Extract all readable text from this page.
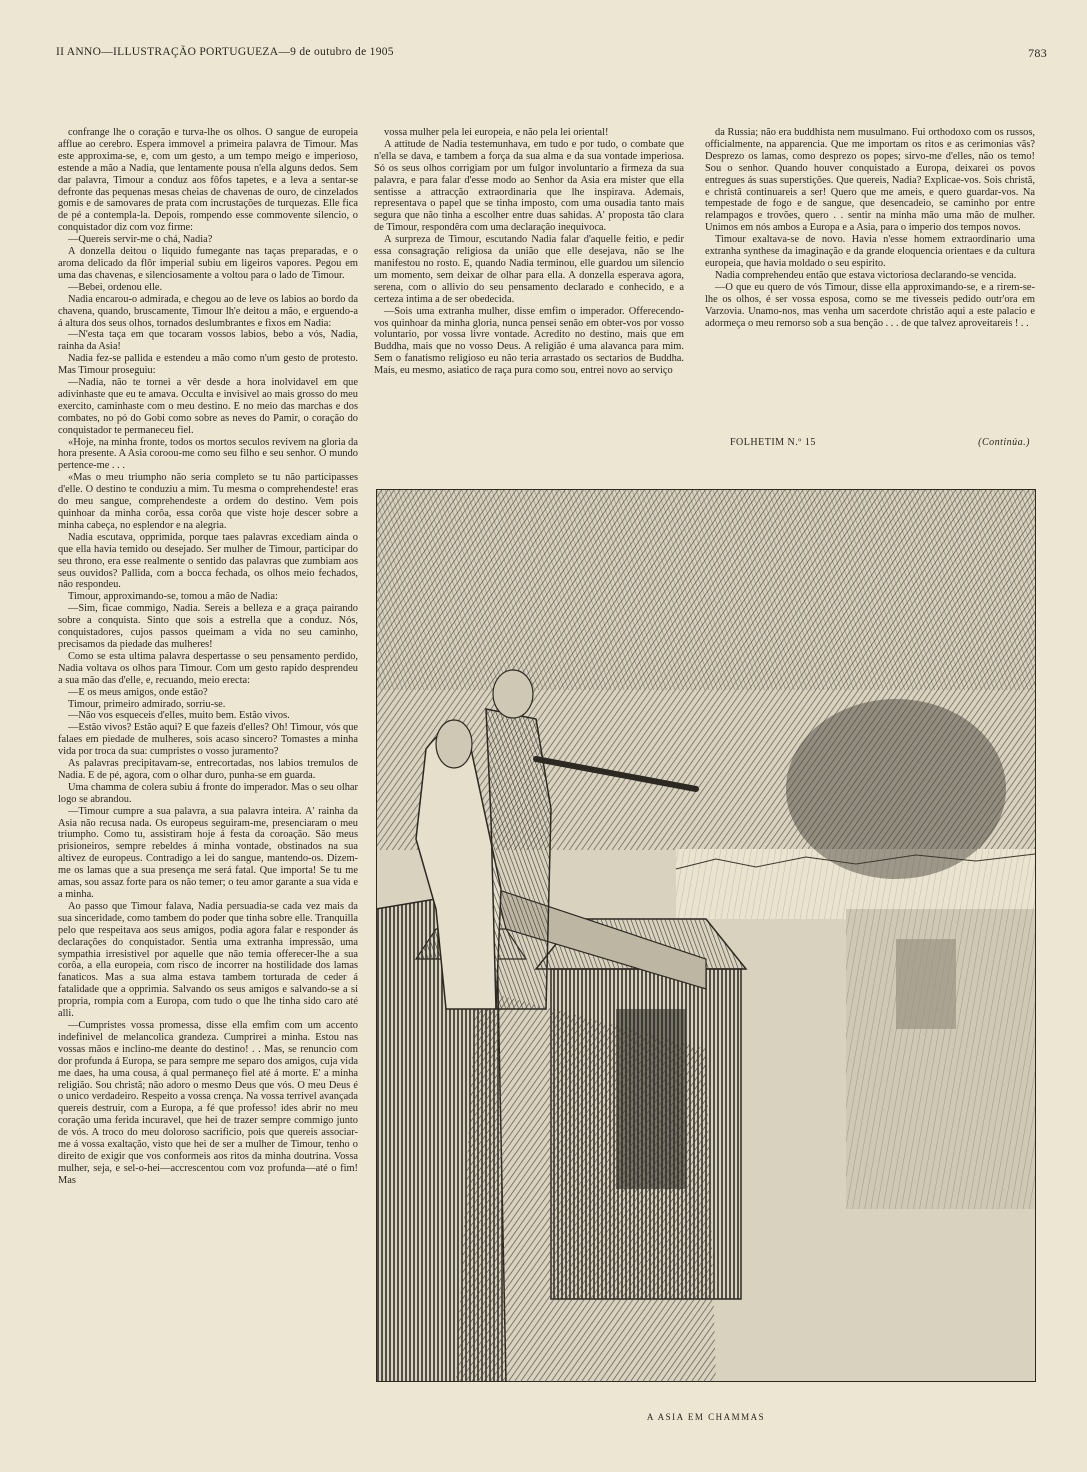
II ANNO—ILLUSTRAÇÃO PORTUGUEZA—9 de outubro de 1905	783

confrange lhe o coração e turva-lhe os olhos. O sangue de europeia afflue ao cerebro. Espera immovel a primeira palavra de Timour. Mas este approxima-se, e, com um gesto, a um tempo meigo e imperioso, estende a mão a Nadia, que lentamente pousa n'ella alguns dedos. Sem dar palavra, Timour a conduz aos fôfos tapetes, e a leva a sentar-se defronte das pequenas mesas cheias de chavenas de ouro, de cinzelados gomis e de samovares de prata com incrustações de turquezas. Elle fica de pé a contempla-la. Depois, rompendo esse commovente silencio, o conquistador diz com voz firme:

—Quereis servir-me o chá, Nadia?

A donzella deitou o liquido fumegante nas taças preparadas, e o aroma delicado da flôr imperial subiu em ligeiros vapores. Pegou em uma das chavenas, e silenciosamente a voltou para o lado de Timour.

—Bebei, ordenou elle.

Nadia encarou-o admirada, e chegou ao de leve os labios ao bordo da chavena, quando, bruscamente, Timour lh'e deitou a mão, e erguendo-a á altura dos seus olhos, tornados deslumbrantes e fixos em Nadia:

—N'esta taça em que tocaram vossos labios, bebo a vós, Nadia, rainha da Asia!

Nadia fez-se pallida e estendeu a mão como n'um gesto de protesto. Mas Timour proseguiu:

—Nadia, não te tornei a vêr desde a hora inolvidavel em que adivinhaste que eu te amava. Occulta e invisivel ao mais grosso do meu exercito, caminhaste com o meu destino. E no meio das marchas e dos combates, no pó do Gobi como sobre as neves do Pamir, o coração do conquistador te permaneceu fiel.

«Hoje, na minha fronte, todos os mortos seculos revivem na gloria da hora presente. A Asia coroou-me como seu filho e seu senhor. O mundo pertence-me . . .

«Mas o meu triumpho não seria completo se tu não participasses d'elle. O destino te conduziu a mim. Tu mesma o comprehendeste! eras do meu sangue, comprehendeste a ordem do destino. Vem pois quinhoar da minha corôa, essa corôa que viste hoje descer sobre a minha cabeça, no esplendor e na alegria.

Nadia escutava, opprimida, porque taes palavras excediam ainda o que ella havia temido ou desejado. Ser mulher de Timour, participar do seu throno, era esse realmente o sentido das palavras que zumbiam aos seus ouvidos? Pallida, com a bocca fechada, os olhos meio fechados, não respondeu.

Timour, approximando-se, tomou a mão de Nadia:

—Sim, ficae commigo, Nadia. Sereis a belleza e a graça pairando sobre a conquista. Sinto que sois a estrella que a conduz. Nós, conquistadores, cujos passos queimam a vida no seu caminho, precisamos da piedade das mulheres!

Como se esta ultima palavra despertasse o seu pensamento perdido, Nadia voltava os olhos para Timour. Com um gesto rapido desprendeu a sua mão das d'elle, e, recuando, meio erecta:

—E os meus amigos, onde estão?

Timour, primeiro admirado, sorriu-se.

—Não vos esqueceis d'elles, muito bem. Estão vivos.

—Estão vivos? Estão aqui? E que fazeis d'elles? Oh! Timour, vós que falaes em piedade de mulheres, sois acaso sincero? Tomastes a minha vida por troca da sua: cumpristes o vosso juramento?

As palavras precipitavam-se, entrecortadas, nos labios tremulos de Nadia. E de pé, agora, com o olhar duro, punha-se em guarda.

Uma chamma de colera subiu á fronte do imperador. Mas o seu olhar logo se abrandou.

—Timour cumpre a sua palavra, a sua palavra inteira. A' rainha da Asia não recusa nada. Os europeus seguiram-me, presenciaram o meu triumpho. Como tu, assistiram hoje á festa da coroação. São meus prisioneiros, sempre rebeldes á minha vontade, obstinados na sua altivez de europeus. Contradigo a lei do sangue, mantendo-os. Dizem-me os lamas que a sua presença me será fatal. Que importa! Se tu me amas, sou assaz forte para os não temer; o teu amor garante a sua vida e a minha.

Ao passo que Timour falava, Nadia persuadia-se cada vez mais da sua sinceridade, como tambem do poder que tinha sobre elle. Tranquilla pelo que respeitava aos seus amigos, podia agora falar e responder ás declarações do conquistador. Sentia uma extranha impressão, uma sympathia irresistivel por aquelle que não temia offerecer-lhe a sua corôa, a ella europeia, com risco de incorrer na hostilidade dos lamas fanaticos. Mas a sua alma estava tambem torturada de ceder á fatalidade que a opprimia. Salvando os seus amigos e salvando-se a si propria, rompia com a Europa, com tudo o que lhe tinha sido caro até alli.

—Cumpristes vossa promessa, disse ella emfim com um accento indefinivel de melancolica grandeza. Cumprirei a minha. Estou nas vossas mãos e inclino-me deante do destino! . . Mas, se renuncio com dor profunda á Europa, se para sempre me separo dos amigos, cuja vida me daes, ha uma cousa, á qual permaneço fiel até á morte. E' a minha religião. Sou christã; não adoro o mesmo Deus que vós. O meu Deus é o unico verdadeiro. Respeito a vossa crença. Na vossa terrivel avançada quereis destruir, com a Europa, a fé que professo! ides abrir no meu coração uma ferida incuravel, que hei de trazer sempre commigo junto de vós. A troco do meu doloroso sacrificio, pois que quereis associar-me á vossa exaltação, visto que hei de ser a mulher de Timour, tenho o direito de exigir que vos conformeis aos ritos da minha doutrina. Vossa mulher, seja, e sel-o-hei—accrescentou com voz profunda—até o fim! Mas

vossa mulher pela lei europeia, e não pela lei oriental!

A attitude de Nadia testemunhava, em tudo e por tudo, o combate que n'ella se dava, e tambem a força da sua alma e da sua vontade imperiosa. Só os seus olhos corrigiam por um fulgor involuntario a firmeza da sua palavra, e para falar d'esse modo ao Senhor da Asia era mister que ella sentisse a attracção extraordinaria que lhe inspirava. Ademais, representava o papel que se tinha imposto, com uma ousadia tanto mais segura que não tinha a escolher entre duas sahidas. A' proposta tão clara de Timour, respondêra com uma declaração inequivoca.

A surpreza de Timour, escutando Nadia falar d'aquelle feitio, e pedir essa consagração religiosa da união que elle desejava, não se lhe manifestou no rosto. E, quando Nadia terminou, elle guardou um silencio um momento, sem deixar de olhar para ella. A donzella esperava agora, serena, com o allivio do seu pensamento declarado e conhecido, e a certeza intima a de ser obedecida.

—Sois uma extranha mulher, disse emfim o imperador. Offerecendo-vos quinhoar da minha gloria, nunca pensei senão em obter-vos por vosso voluntario, por vossa livre vontade. Acredito no destino, mais que em Buddha, mais que no vosso Deus. A religião é uma alavanca para mim. Sem o fanatismo religioso eu não teria arrastado os sectarios de Buddha. Mais, eu mesmo, asiatico de raça pura como sou, entrei novo ao serviço

da Russia; não era buddhista nem musulmano. Fui orthodoxo com os russos, officialmente, na apparencia. Que me importam os ritos e as cerimonias vãs? Desprezo os lamas, como desprezo os popes; sirvo-me d'elles, não os temo! Sou o senhor. Quando houver conquistado a Europa, deixarei os povos entregues ás suas superstições. Que quereis, Nadia? Explicae-vos. Sois christã, e christã continuareis a ser! Quero que me ameis, e quero guardar-vos. Na tempestade de fogo e de sangue, que desencadeio, se caminho por entre relampagos e trovões, quero . . sentir na minha mão uma mão de mulher. Unimos em nós ambos a Europa e a Asia, para o imperio dos tempos novos.

Timour exaltava-se de novo. Havia n'esse homem extraordinario uma extranha synthese da imaginação e da grande eloquencia orientaes e da cultura europeia, que havia moldado o seu espirito.

Nadia comprehendeu então que estava victoriosa declarando-se vencida.

—O que eu quero de vós Timour, disse ella approximando-se, e a rirem-se-lhe os olhos, é ser vossa esposa, como se me tivesseis pedido outr'ora em Varzovia. Unamo-nos, mas venha um sacerdote christão aqui a este palacio e adormeça o meu remorso sob a sua benção . . . de que talvez aproveitareis ! . .

FOLHETIM N.º 15	(Continúa.)
A ASIA EM CHAMMAS
